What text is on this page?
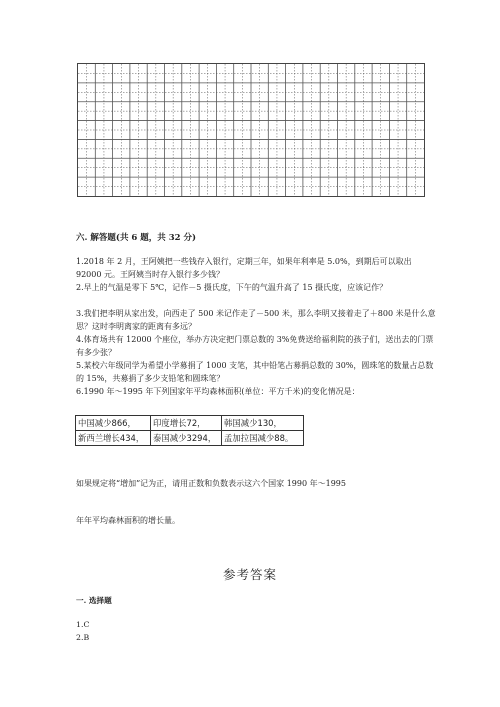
六. 解答题(共 6 题，共 32 分)
1.2018 年 2 月，王阿姨把一些钱存入银行，定期三年，如果年利率是 5.0%，到期后可以取出 92000 元。王阿姨当时存入银行多少钱？
2.早上的气温是零下 5℃，记作－5 摄氏度，下午的气温升高了 15 摄氏度，应该记作？
3.我们把李明从家出发，向西走了 500 米记作走了－500 米，那么李明又接着走了＋800 米是什么意思？这时李明离家的距离有多远？
4.体育场共有 12000 个座位，举办方决定把门票总数的 3%免费送给福利院的孩子们，送出去的门票有多少张？
5.某校六年级同学为希望小学募捐了 1000 支笔，其中铅笔占募捐总数的 30%，圆珠笔的数量占总数的 15%，共募捐了多少支铅笔和圆珠笔？
6.1990 年～1995 年下列国家年平均森林面积(单位：平方千米)的变化情况是：
中国减少866，	印度增长72，	韩国减少130，
新西兰增长434，	泰国减少3294，	孟加拉国减少88。
如果规定将“增加”记为正，请用正数和负数表示这六个国家 1990 年～1995
年年平均森林面积的增长量。
参考答案
一. 选择题
1.C
2.B
